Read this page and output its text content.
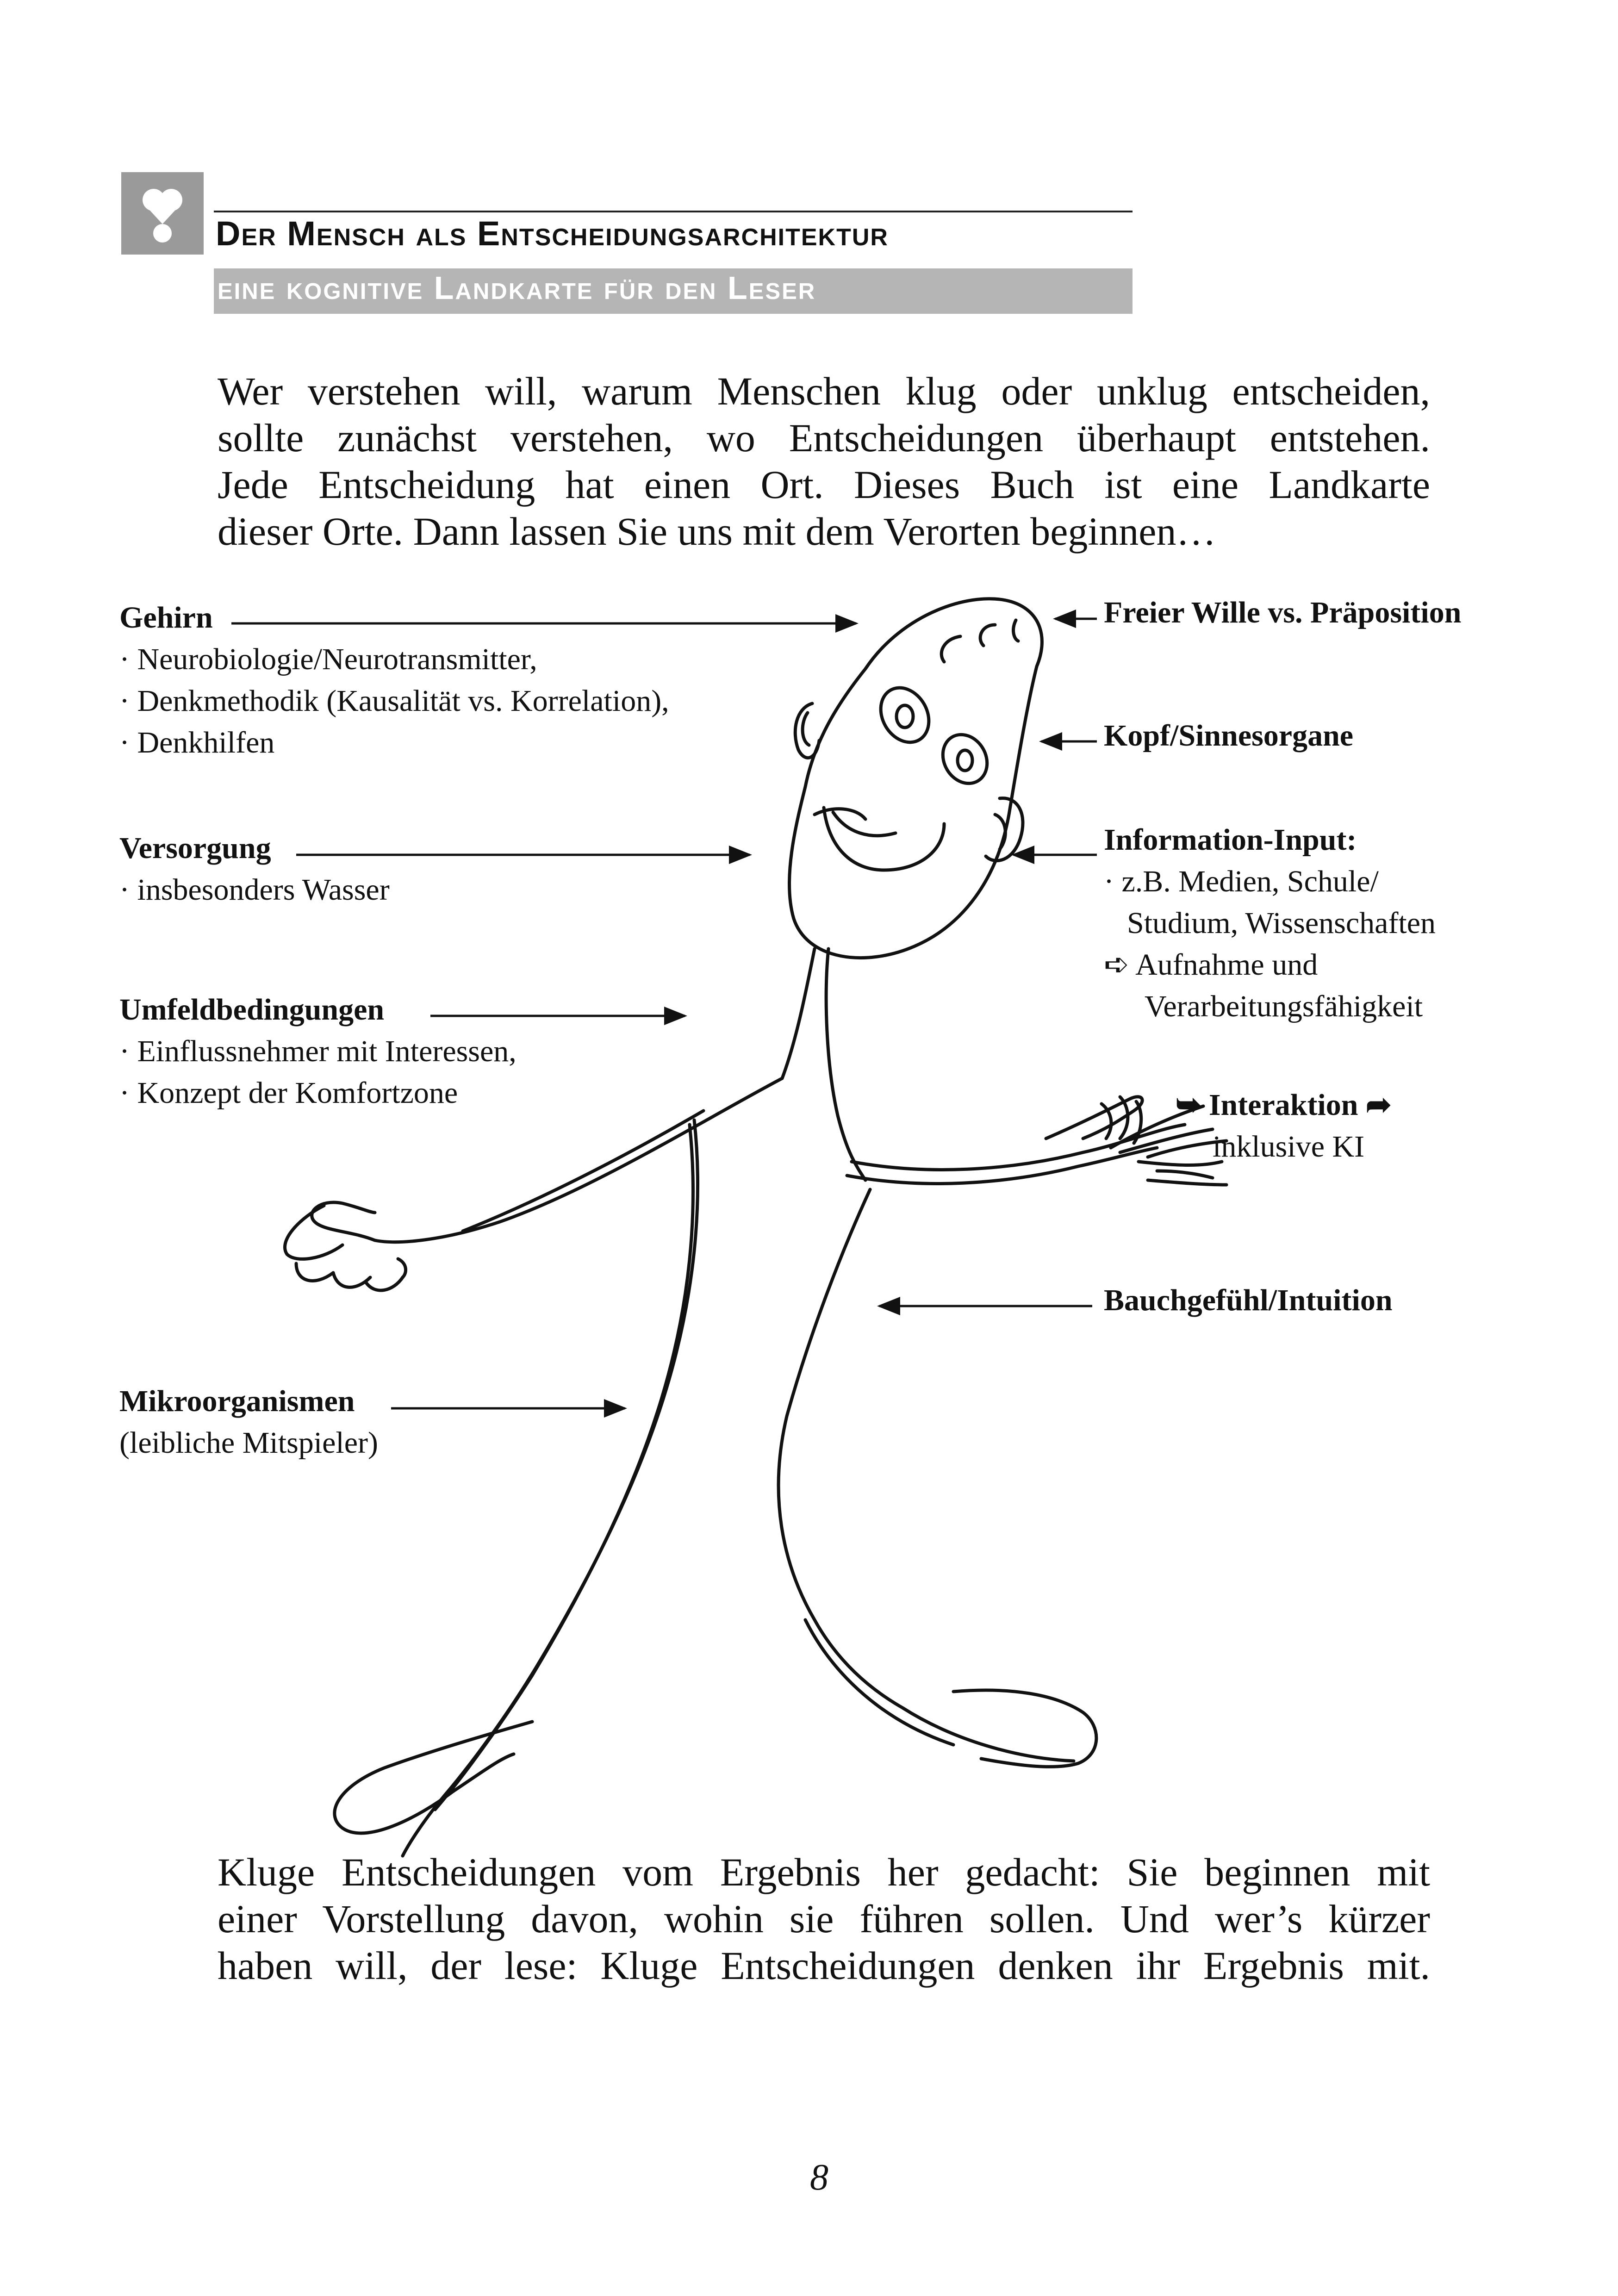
Der Mensch als Entscheidungsarchitektur
eine kognitive Landkarte für den Leser
Wer verstehen will, warum Menschen klug oder unklug entscheiden,
sollte zunächst verstehen, wo Entscheidungen überhaupt entstehen.
Jede Entscheidung hat einen Ort. Dieses Buch ist eine Landkarte
dieser Orte. Dann lassen Sie uns mit dem Verorten beginnen…
Gehirn
· Neurobiologie/Neurotransmitter,
· Denkmethodik (Kausalität vs. Korrelation),
· Denkhilfen
Versorgung
· insbesonders Wasser
Umfeldbedingungen
· Einflussnehmer mit Interessen,
· Konzept der Komfortzone
Mikroorganismen
(leibliche Mitspieler)
Freier Wille vs. Präposition
Kopf/Sinnesorgane
Information-Input:
· z.B. Medien, Schule/
Studium, Wissenschaften
➪ Aufnahme und
Verarbeitungsfähigkeit
➥ Interaktion ➦
inklusive KI
Bauchgefühl/Intuition
Kluge Entscheidungen vom Ergebnis her gedacht: Sie beginnen mit
einer Vorstellung davon, wohin sie führen sollen. Und wer’s kürzer
haben will, der lese: Kluge Entscheidungen denken ihr Ergebnis mit.
8
